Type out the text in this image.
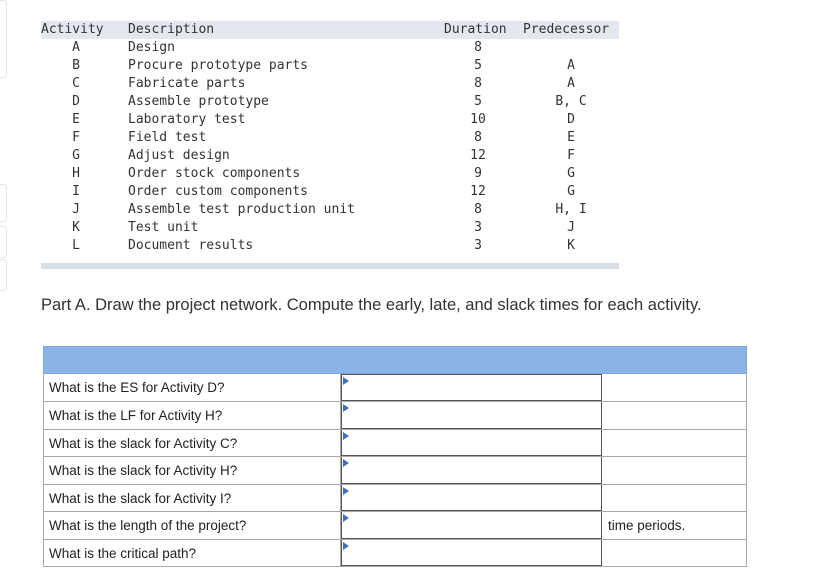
Activity Description	Duration Predecessor
A	Design	8
B	Procure prototype parts	5	A
C	Fabricate parts	8	A
D	Assemble prototype	5	B, C
E	Laboratory test	10	D
F	Field test	8	E
G	Adjust design	12	F
H	Order stock components	9	G
I	Order custom components	12	G
J	Assemble test production unit	8	H, I
K	Test unit	3	J
L	Document results	3	K
Part A. Draw the project network. Compute the early, late, and slack times for each activity.
What is the ES for Activity D?
What is the LF for Activity H?
What is the slack for Activity C?
What is the slack for Activity H?
What is the slack for Activity I?
What is the length of the project?	time periods.
What is the critical path?
